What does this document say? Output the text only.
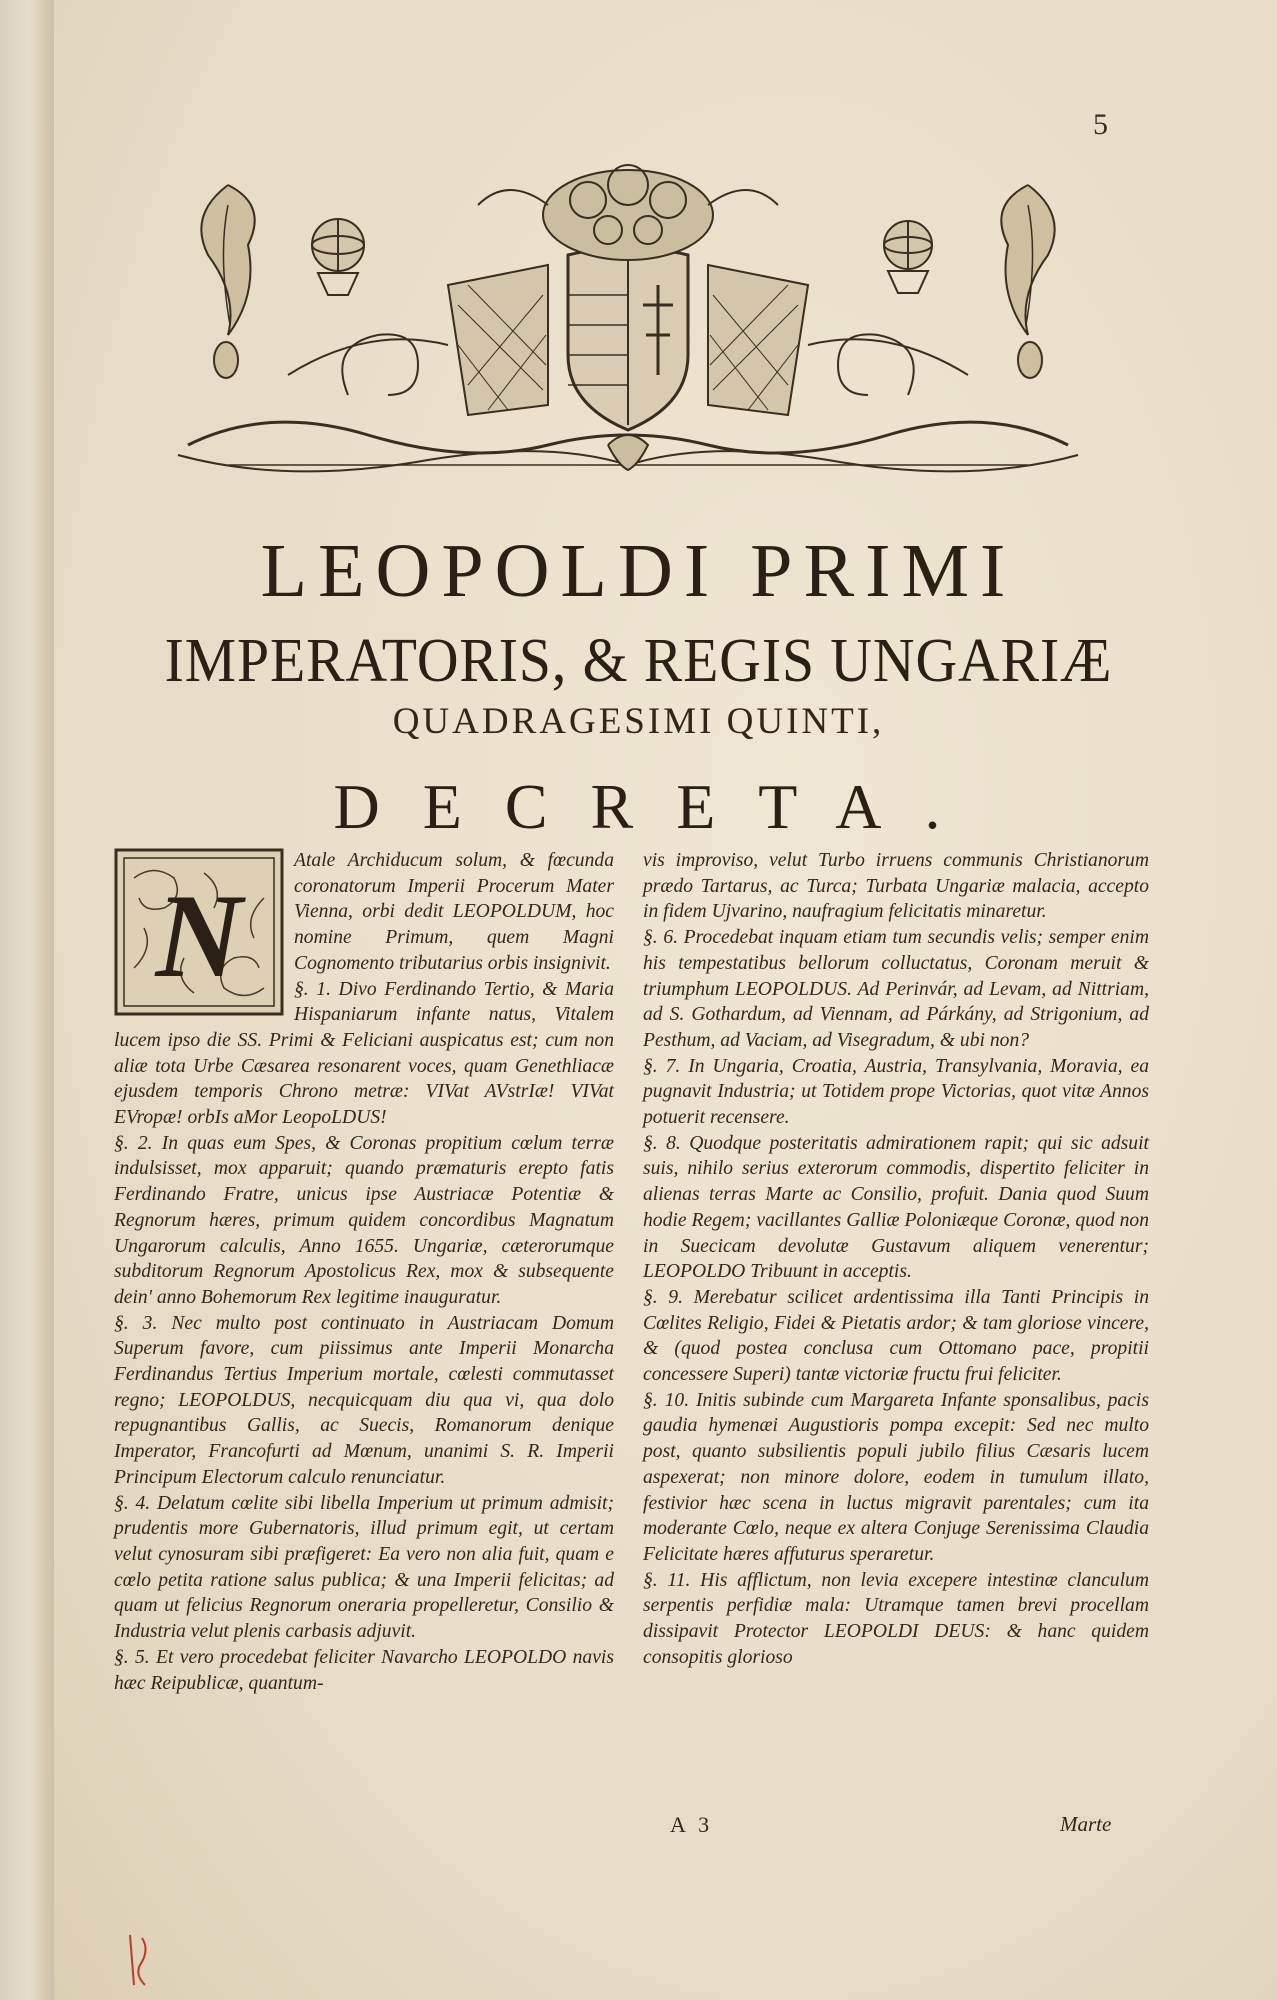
5
LEOPOLDI PRIMI
IMPERATORIS, & REGIS UNGARIÆ
QUADRAGESIMI QUINTI,
DECRETA.
N

Atale Archiducum solum, & fœcunda coronatorum Imperii Procerum Mater Vienna, orbi dedit LEOPOLDUM, hoc nomine Primum, quem Magni Cognomento tributarius orbis insignivit.

§. 1. Divo Ferdinando Tertio, & Maria Hispaniarum infante natus, Vitalem lucem ipso die SS. Primi & Feliciani auspicatus est; cum non aliæ tota Urbe Cæsarea resonarent voces, quam Genethliacæ ejusdem temporis Chrono metræ: VIVat AVstrIæ! VIVat EVropæ! orbIs aMor LeopoLDUS!

§. 2. In quas eum Spes, & Coronas propitium cœlum terræ indulsisset, mox apparuit; quando præmaturis erepto fatis Ferdinando Fratre, unicus ipse Austriacæ Potentiæ & Regnorum hæres, primum quidem concordibus Magnatum Ungarorum calculis, Anno 1655. Ungariæ, cæterorumque subditorum Regnorum Apostolicus Rex, mox & subsequente dein' anno Bohemorum Rex legitime inauguratur.

§. 3. Nec multo post continuato in Austriacam Domum Superum favore, cum piissimus ante Imperii Monarcha Ferdinandus Tertius Imperium mortale, cœlesti commutasset regno; LEOPOLDUS, necquicquam diu qua vi, qua dolo repugnantibus Gallis, ac Suecis, Romanorum denique Imperator, Francofurti ad Mœnum, unanimi S. R. Imperii Principum Electorum calculo renunciatur.

§. 4. Delatum cœlite sibi libella Imperium ut primum admisit; prudentis more Gubernatoris, illud primum egit, ut certam velut cynosuram sibi præfigeret: Ea vero non alia fuit, quam e cœlo petita ratione salus publica; & una Imperii felicitas; ad quam ut felicius Regnorum oneraria propelleretur, Consilio & Industria velut plenis carbasis adjuvit.

§. 5. Et vero procedebat feliciter Navarcho LEOPOLDO navis hæc Reipublicæ, quantum-

vis improviso, velut Turbo irruens communis Christianorum prædo Tartarus, ac Turca; Turbata Ungariæ malacia, accepto in fidem Ujvarino, naufragium felicitatis minaretur.

§. 6. Procedebat inquam etiam tum secundis velis; semper enim his tempestatibus bellorum colluctatus, Coronam meruit & triumphum LEOPOLDUS. Ad Perinvár, ad Levam, ad Nittriam, ad S. Gothardum, ad Viennam, ad Párkány, ad Strigonium, ad Pesthum, ad Vaciam, ad Visegradum, & ubi non?

§. 7. In Ungaria, Croatia, Austria, Transylvania, Moravia, ea pugnavit Industria; ut Totidem prope Victorias, quot vitæ Annos potuerit recensere.

§. 8. Quodque posteritatis admirationem rapit; qui sic adsuit suis, nihilo serius exterorum commodis, dispertito feliciter in alienas terras Marte ac Consilio, profuit. Dania quod Suum hodie Regem; vacillantes Galliæ Poloniæque Coronæ, quod non in Suecicam devolutæ Gustavum aliquem venerentur; LEOPOLDO Tribuunt in acceptis.

§. 9. Merebatur scilicet ardentissima illa Tanti Principis in Cœlites Religio, Fidei & Pietatis ardor; & tam gloriose vincere, & (quod postea conclusa cum Ottomano pace, propitii concessere Superi) tantæ victoriæ fructu frui feliciter.

§. 10. Initis subinde cum Margareta Infante sponsalibus, pacis gaudia hymenæi Augustioris pompa excepit: Sed nec multo post, quanto subsilientis populi jubilo filius Cæsaris lucem aspexerat; non minore dolore, eodem in tumulum illato, festivior hæc scena in luctus migravit parentales; cum ita moderante Cœlo, neque ex altera Conjuge Serenissima Claudia Felicitate hæres affuturus speraretur.

§. 11. His afflictum, non levia excepere intestinæ clanculum serpentis perfidiæ mala: Utramque tamen brevi procellam dissipavit Protector LEOPOLDI DEUS: & hanc quidem consopitis glorioso

A 3	Marte
